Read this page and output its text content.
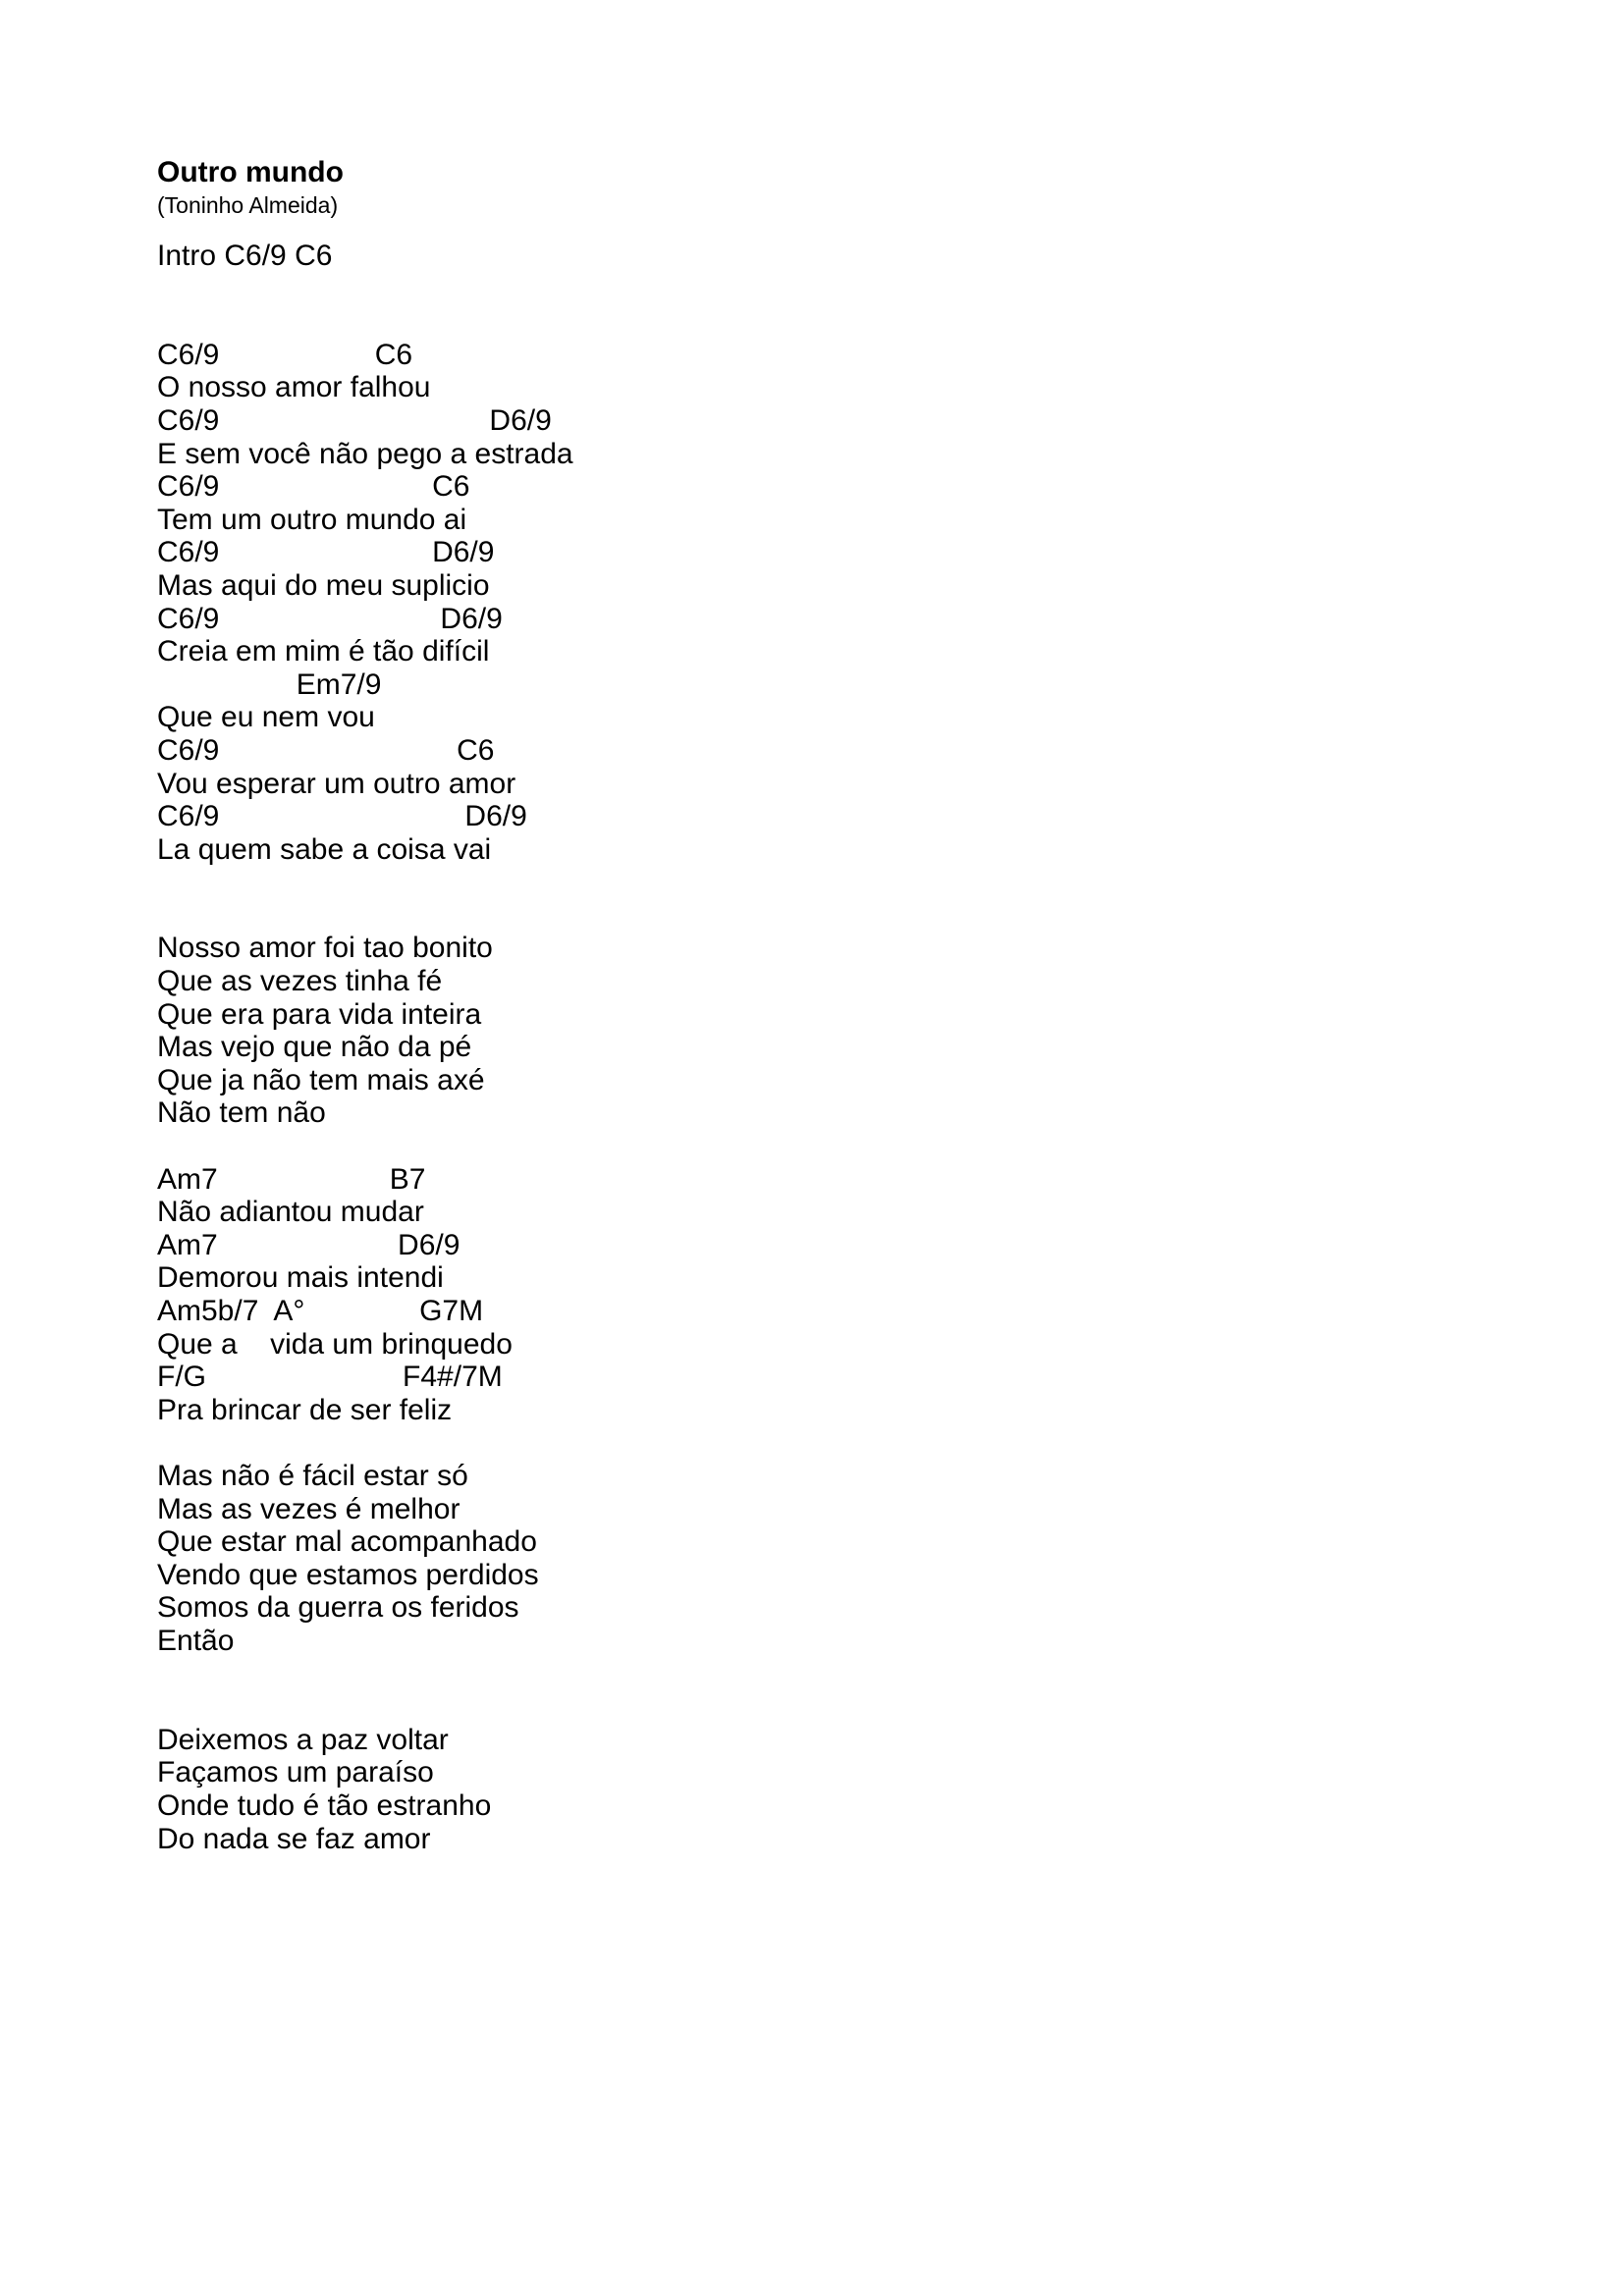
Outro mundo
(Toninho Almeida)
Intro C6/9 C6
C6/9                   C6
O nosso amor falhou
C6/9                                 D6/9
E sem você não pego a estrada
C6/9                          C6
Tem um outro mundo ai
C6/9                          D6/9
Mas aqui do meu suplicio
C6/9                           D6/9
Creia em mim é tão difícil
Em7/9
Que eu nem vou
C6/9                             C6
Vou esperar um outro amor
C6/9                              D6/9
La quem sabe a coisa vai
Nosso amor foi tao bonito
Que as vezes tinha fé
Que era para vida inteira
Mas vejo que não da pé
Que ja não tem mais axé
Não tem não
Am7                     B7
Não adiantou mudar
Am7                      D6/9
Demorou mais intendi
Am5b/7  A°              G7M
Que a    vida um brinquedo
F/G                        F4#/7M
Pra brincar de ser feliz
Mas não é fácil estar só
Mas as vezes é melhor
Que estar mal acompanhado
Vendo que estamos perdidos
Somos da guerra os feridos
Então
Deixemos a paz voltar
Façamos um paraíso
Onde tudo é tão estranho
Do nada se faz amor
